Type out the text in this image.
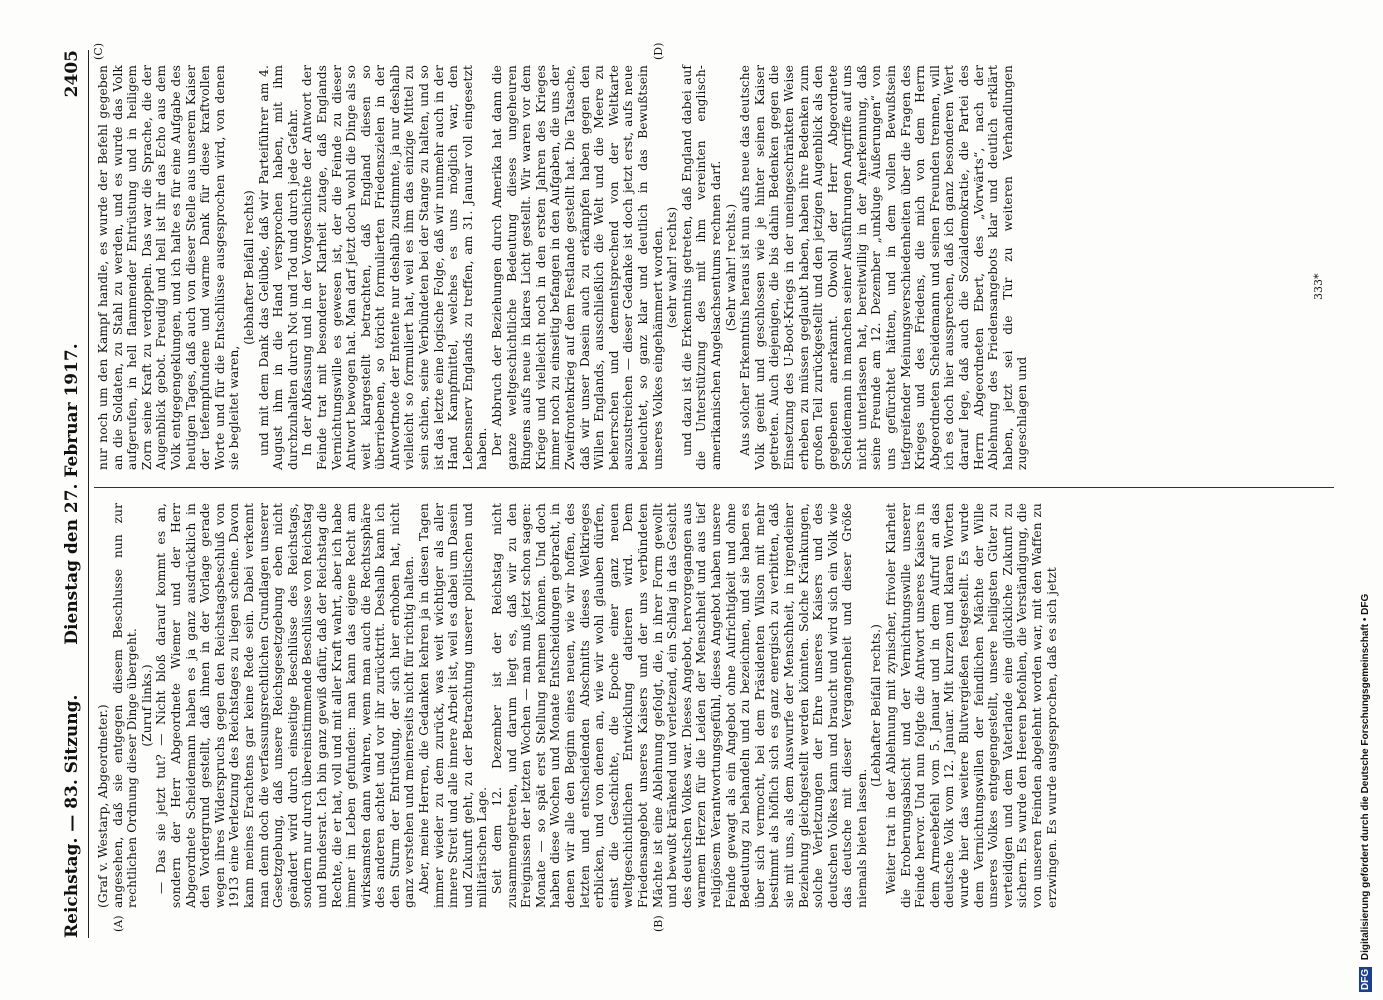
Reichstag. — 83. Sitzung.
Dienstag den 27. Februar 1917.
2405
(A)	(B)
(C)	(D)

(Graf v. Westarp, Abgeordneter.) angesehen, daß sie entgegen diesem Beschlusse nun zur rechtlichen Ordnung dieser Dinge übergeht. (Zuruf links.) — Das sie jetzt tut? — Nicht bloß darauf kommt es an, sondern der Herr Abgeordnete Wiemer und der Herr Abgeordnete Scheidemann haben es ja ganz ausdrücklich in den Vordergrund gestellt, daß ihnen in der Vorlage gerade wegen ihres Widerspruchs gegen den Reichstagsbeschluß von 1913 eine Verletzung des Reichstages zu liegen scheine. Davon kann meines Erachtens gar keine Rede sein. Dabei verkennt man denn doch die verfassungsrechtlichen Grundlagen unserer Gesetzgebung, daß unsere Reichsgesetzgebung eben nicht geändert wird durch einseitige Beschlüsse des Reichstags, sondern nur durch übereinstimmende Beschlüsse von Reichstag und Bundesrat. Ich bin ganz gewiß dafür, daß der Reichstag die Rechte, die er hat, voll und mit aller Kraft wahrt, aber ich habe immer im Leben gefunden: man kann das eigene Recht am wirksamsten dann wahren, wenn man auch die Rechtssphäre des anderen achtet und vor ihr zurücktritt. Deshalb kann ich den Sturm der Entrüstung, der sich hier erhoben hat, nicht ganz verstehen und meinerseits nicht für richtig halten. Aber, meine Herren, die Gedanken kehren ja in diesen Tagen immer wieder zu dem zurück, was weit wichtiger als aller innere Streit und alle innere Arbeit ist, weil es dabei um Dasein und Zukunft geht, zu der Betrachtung unserer politischen und militärischen Lage. Seit dem 12. Dezember ist der Reichstag nicht zusammengetreten, und darum liegt es, daß wir zu den Ereignissen der letzten Wochen — man muß jetzt schon sagen: Monate — so spät erst Stellung nehmen können. Und doch haben diese Wochen und Monate Entscheidungen gebracht, in denen wir alle den Beginn eines neuen, wie wir hoffen, des letzten und entscheidenden Abschnitts dieses Weltkrieges erblicken, und von denen an, wie wir wohl glauben dürfen, einst die Geschichte, die Epoche einer ganz neuen weltgeschichtlichen Entwicklung datieren wird. Dem Friedensangebot unseres Kaisers und der uns verbündeten Mächte ist eine Ablehnung gefolgt, die, in ihrer Form gewollt und bewußt kränkend und verletzend, ein Schlag in das Gesicht des deutschen Volkes war. Dieses Angebot, hervorgegangen aus warmem Herzen für die Leiden der Menschheit und aus tief religiösem Verantwortungsgefühl, dieses Angebot haben unsere Feinde gewagt als ein Angebot ohne Aufrichtigkeit und ohne Bedeutung zu behandeln und zu bezeichnen, und sie haben es über sich vermocht, bei dem Präsidenten Wilson mit mehr bestimmt als höflich sich es ganz energisch zu verbitten, daß sie mit uns, als dem Auswurfe der Menschheit, in irgendeiner Beziehung gleichgestellt werden könnten. Solche Kränkungen, solche Verletzungen der Ehre unseres Kaisers und des deutschen Volkes kann und braucht und wird sich ein Volk wie das deutsche mit dieser Vergangenheit und dieser Größe niemals bieten lassen.

(Lebhafter Beifall rechts.) Weiter trat in der Ablehnung mit zynischer, frivoler Klarheit die Eroberungsabsicht und der Vernichtungswille unserer Feinde hervor. Und nun folgte die Antwort unseres Kaisers in dem Armeebefehl vom 5. Januar und in dem Aufruf an das deutsche Volk vom 12. Januar. Mit kurzen und klaren Worten wurde hier das weitere Blutvergießen festgestellt. Es wurde dem Vernichtungswillen der feindlichen Mächte der Wille unseres Volkes entgegengestellt, unsere heiligsten Güter zu verteidigen und dem Vaterlande eine glückliche Zukunft zu sichern. Es wurde den Heeren befohlen, die Verständigung, die von unseren Feinden abgelehnt worden war, mit den Waffen zu erzwingen. Es wurde ausgesprochen, daß es sich jetzt

nur noch um den Kampf handle, es wurde der Befehl gegeben an die Soldaten, zu Stahl zu werden, und es wurde das Volk aufgerufen, in hell flammender Entrüstung und in heiligem Zorn seine Kraft zu verdoppeln. Das war die Sprache, die der Augenblick gebot. Freudig und hell ist ihr das Echo aus dem Volk entgegengeklungen, und ich halte es für eine Aufgabe des heutigen Tages, daß auch von dieser Stelle aus unserem Kaiser der tiefempfundene und warme Dank für diese kraftvollen Worte und für die Entschlüsse ausgesprochen wird, von denen sie begleitet waren,

(lebhafter Beifall rechts) und mit dem Dank das Gelübde, daß wir Parteiführer am 4. August ihm in die Hand versprochen haben, mit ihm durchzuhalten durch Not und Tod und durch jede Gefahr. In der Abfassung und in der Vorgeschichte der Antwort der Feinde trat mit besonderer Klarheit zutage, daß Englands Vernichtungswille es gewesen ist, der die Feinde zu dieser Antwort bewogen hat. Man darf jetzt doch wohl die Dinge als so weit klargestellt betrachten, daß England diesen so überriebenen, so töricht formulierten Friedenszielen in der Antwortnote der Entente nur deshalb zustimmte, ja nur deshalb vielleicht so formuliert hat, weil es ihm das einzige Mittel zu sein schien, seine Verbündeten bei der Stange zu halten, und so ist das letzte eine logische Folge, daß wir nunmehr auch in der Hand Kampfmittel, welches es uns möglich war, den Lebensnerv Englands zu treffen, am 31. Januar voll eingesetzt haben. Der Abbruch der Beziehungen durch Amerika hat dann die ganze weltgeschichtliche Bedeutung dieses ungeheuren Ringens aufs neue in klares Licht gestellt. Wir waren vor dem Kriege und vielleicht noch in den ersten Jahren des Krieges immer noch zu einseitig befangen in den Aufgaben, die uns der Zweifrontenkrieg auf dem Festlande gestellt hat. Die Tatsache, daß wir unser Dasein auch zu erkämpfen haben gegen den Willen Englands, ausschließlich die Welt und die Meere zu beherrschen und dementsprechend von der Weltkarte auszustreichen — dieser Gedanke ist doch jetzt erst, aufs neue beleuchtet, so ganz klar und deutlich in das Bewußtsein unseres Volkes eingehämmert worden. (sehr wahr! rechts) und dazu ist die Erkenntnis getreten, daß England dabei auf die Unterstützung des mit ihm vereinten englisch-amerikanischen Angelsachsentums rechnen darf. (Sehr wahr! rechts.) Aus solcher Erkenntnis heraus ist nun aufs neue das deutsche Volk geeint und geschlossen wie je hinter seinen Kaiser getreten. Auch diejenigen, die bis dahin Bedenken gegen die Einsetzung des U-Boot-Kriegs in der uneingeschränkten Weise erheben zu müssen geglaubt haben, haben ihre Bedenken zum großen Teil zurückgestellt und den jetzigen Augenblick als den gegebenen anerkannt. Obwohl der Herr Abgeordnete Scheidemann in manchen seiner Ausführungen Angriffe auf uns nicht unterlassen hat, bereitwillig in der Anerkennung, daß seine Freunde am 12. Dezember „unkluge Äußerungen“ von uns gefürchtet hätten, und in dem vollen Bewußtsein tiefgreifender Meinungsverschiedenheiten über die Fragen des Krieges und des Friedens, die mich von dem Herrn Abgeordneten Scheidemann und seinen Freunden trennen, will ich es doch hier aussprechen, daß ich ganz besonderen Wert darauf lege, daß auch die Sozialdemokratie, die Partei des Herrn Abgeordneten Ebert, des „Vorwärts“, nach der Ablehnung des Friedensangebots klar und deutlich erklärt haben, jetzt sei die Tür zu weiteren Verhandlungen zugeschlagen und

333*
DFG Digitalisierung gefördert durch die Deutsche Forschungsgemeinschaft • DFG
